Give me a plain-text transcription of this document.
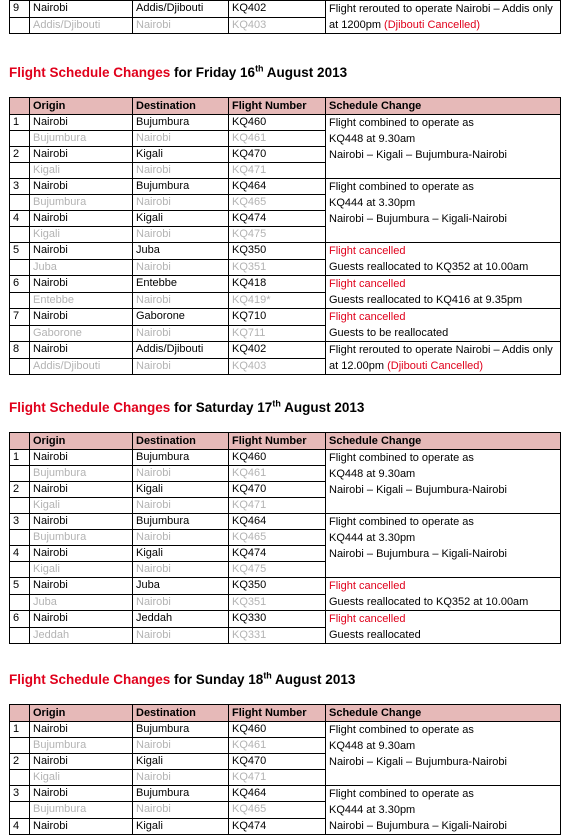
9	Nairobi	Addis/Djibouti	KQ402	Flight rerouted to operate Nairobi – Addis only at 1200pm (Djibouti Cancelled)
	Addis/Djibouti	Nairobi	KQ403	
Flight Schedule Changes for Friday 16th August 2013
	Origin	Destination	Flight Number	Schedule Change
1	Nairobi	Bujumbura	KQ460	Flight combined to operate as
KQ448 at 9.30am
Nairobi – Kigali – Bujumbura-Nairobi
	Bujumbura	Nairobi	KQ461	
2	Nairobi	Kigali	KQ470	
	Kigali	Nairobi	KQ471	
3	Nairobi	Bujumbura	KQ464	Flight combined to operate as
KQ444 at 3.30pm
Nairobi – Bujumbura – Kigali-Nairobi
	Bujumbura	Nairobi	KQ465	
4	Nairobi	Kigali	KQ474	
	Kigali	Nairobi	KQ475	
5	Nairobi	Juba	KQ350	Flight cancelled
Guests reallocated to KQ352 at 10.00am
	Juba	Nairobi	KQ351	
6	Nairobi	Entebbe	KQ418	Flight cancelled
Guests reallocated to KQ416 at 9.35pm
	Entebbe	Nairobi	KQ419*	
7	Nairobi	Gaborone	KQ710	Flight cancelled
Guests to be reallocated
	Gaborone	Nairobi	KQ711	
8	Nairobi	Addis/Djibouti	KQ402	Flight rerouted to operate Nairobi – Addis only at 12.00pm (Djibouti Cancelled)
	Addis/Djibouti	Nairobi	KQ403	
Flight Schedule Changes for Saturday 17th August 2013
	Origin	Destination	Flight Number	Schedule Change
1	Nairobi	Bujumbura	KQ460	Flight combined to operate as
KQ448 at 9.30am
Nairobi – Kigali – Bujumbura-Nairobi
	Bujumbura	Nairobi	KQ461	
2	Nairobi	Kigali	KQ470	
	Kigali	Nairobi	KQ471	
3	Nairobi	Bujumbura	KQ464	Flight combined to operate as
KQ444 at 3.30pm
Nairobi – Bujumbura – Kigali-Nairobi
	Bujumbura	Nairobi	KQ465	
4	Nairobi	Kigali	KQ474	
	Kigali	Nairobi	KQ475	
5	Nairobi	Juba	KQ350	Flight cancelled
Guests reallocated to KQ352 at 10.00am
	Juba	Nairobi	KQ351	
6	Nairobi	Jeddah	KQ330	Flight cancelled
Guests reallocated
	Jeddah	Nairobi	KQ331	
Flight Schedule Changes for Sunday 18th August 2013
	Origin	Destination	Flight Number	Schedule Change
1	Nairobi	Bujumbura	KQ460	Flight combined to operate as
KQ448 at 9.30am
Nairobi – Kigali – Bujumbura-Nairobi
	Bujumbura	Nairobi	KQ461	
2	Nairobi	Kigali	KQ470	
	Kigali	Nairobi	KQ471	
3	Nairobi	Bujumbura	KQ464	Flight combined to operate as
KQ444 at 3.30pm
Nairobi – Bujumbura – Kigali-Nairobi
	Bujumbura	Nairobi	KQ465	
4	Nairobi	Kigali	KQ474	
